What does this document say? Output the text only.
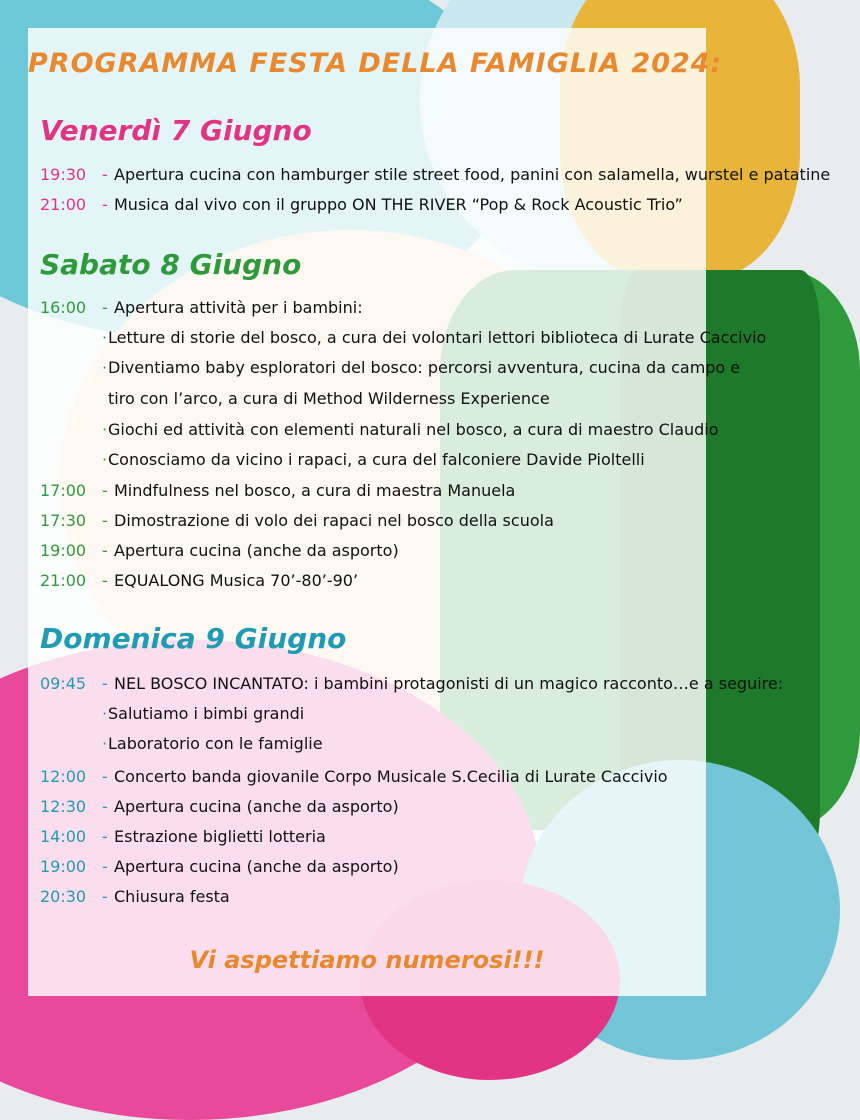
PROGRAMMA FESTA DELLA FAMIGLIA 2024:
Venerdì 7 Giugno
19:30 - Apertura cucina con hamburger stile street food, panini con salamella, wurstel e patatine
21:00 - Musica dal vivo con il gruppo ON THE RIVER “Pop & Rock Acoustic Trio”
Sabato 8 Giugno
16:00 - Apertura attività per i bambini:
·Letture di storie del bosco, a cura dei volontari lettori biblioteca di Lurate Caccivio
·Diventiamo baby esploratori del bosco: percorsi avventura, cucina da campo e
tiro con l’arco, a cura di Method Wilderness Experience
·Giochi ed attività con elementi naturali nel bosco, a cura di maestro Claudio
·Conosciamo da vicino i rapaci, a cura del falconiere Davide Pioltelli
17:00 - Mindfulness nel bosco, a cura di maestra Manuela
17:30 - Dimostrazione di volo dei rapaci nel bosco della scuola
19:00 - Apertura cucina (anche da asporto)
21:00 - EQUALONG Musica 70’-80’-90’
Domenica 9 Giugno
09:45 - NEL BOSCO INCANTATO: i bambini protagonisti di un magico racconto…e a seguire:
·Salutiamo i bimbi grandi
·Laboratorio con le famiglie
12:00 - Concerto banda giovanile Corpo Musicale S.Cecilia di Lurate Caccivio
12:30 - Apertura cucina (anche da asporto)
14:00 - Estrazione biglietti lotteria
19:00 - Apertura cucina (anche da asporto)
20:30 - Chiusura festa
Vi aspettiamo numerosi!!!
